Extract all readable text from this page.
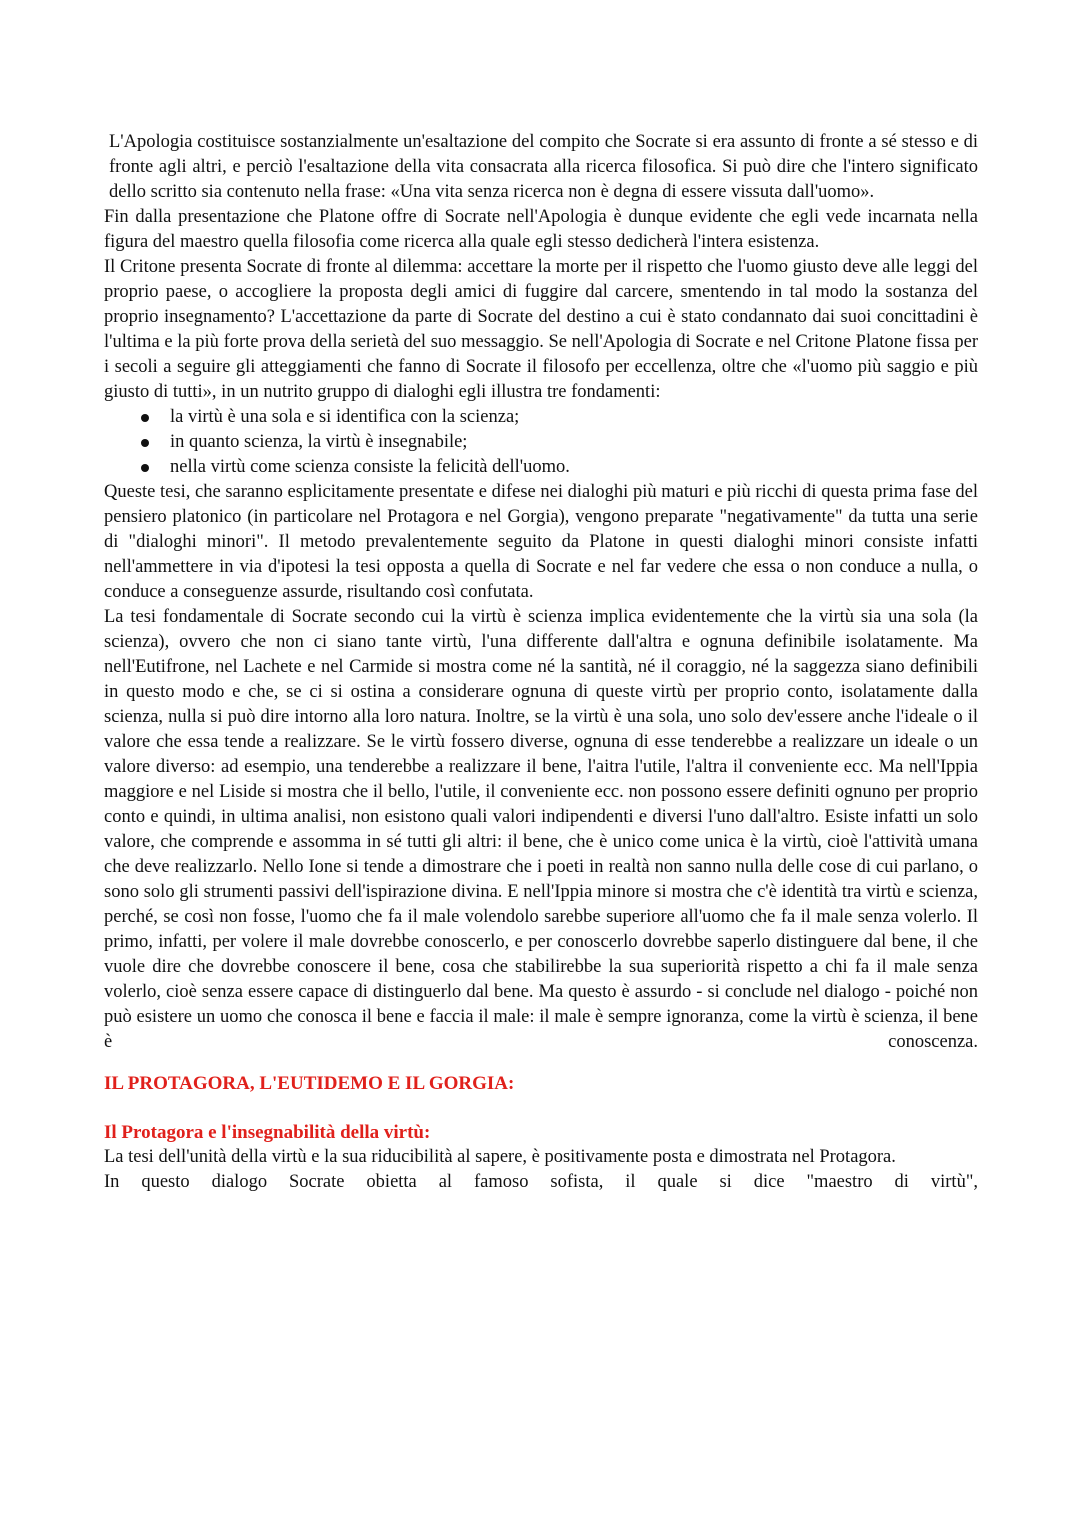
L'Apologia costituisce sostanzialmente un'esaltazione del compito che Socrate si era assunto di fronte a sé stesso e di fronte agli altri, e perciò l'esaltazione della vita consacrata alla ricerca filosofica. Si può dire che l'intero significato dello scritto sia contenuto nella frase: «Una vita senza ricerca non è degna di essere vissuta dall'uomo».

Fin dalla presentazione che Platone offre di Socrate nell'Apologia è dunque evidente che egli vede incarnata nella figura del maestro quella filosofia come ricerca alla quale egli stesso dedicherà l'intera esistenza.

Il Critone presenta Socrate di fronte al dilemma: accettare la morte per il rispetto che l'uomo giusto deve alle leggi del proprio paese, o accogliere la proposta degli amici di fuggire dal carcere, smentendo in tal modo la sostanza del proprio insegnamento? L'accettazione da parte di Socrate del destino a cui è stato condannato dai suoi concittadini è l'ultima e la più forte prova della serietà del suo messaggio. Se nell'Apologia di Socrate e nel Critone Platone fissa per i secoli a seguire gli atteggiamenti che fanno di Socrate il filosofo per eccellenza, oltre che «l'uomo più saggio e più giusto di tutti», in un nutrito gruppo di dialoghi egli illustra tre fondamenti:

la virtù è una sola e si identifica con la scienza;
in quanto scienza, la virtù è insegnabile;
nella virtù come scienza consiste la felicità dell'uomo.

Queste tesi, che saranno esplicitamente presentate e difese nei dialoghi più maturi e più ricchi di questa prima fase del pensiero platonico (in particolare nel Protagora e nel Gorgia), vengono preparate "negativamente" da tutta una serie di "dialoghi minori". Il metodo prevalentemente seguito da Platone in questi dialoghi minori consiste infatti nell'ammettere in via d'ipotesi la tesi opposta a quella di Socrate e nel far vedere che essa o non conduce a nulla, o conduce a conseguenze assurde, risultando così confutata.

La tesi fondamentale di Socrate secondo cui la virtù è scienza implica evidentemente che la virtù sia una sola (la scienza), ovvero che non ci siano tante virtù, l'una differente dall'altra e ognuna definibile isolatamente. Ma nell'Eutifrone, nel Lachete e nel Carmide si mostra come né la santità, né il coraggio, né la saggezza siano definibili in questo modo e che, se ci si ostina a considerare ognuna di queste virtù per proprio conto, isolatamente dalla scienza, nulla si può dire intorno alla loro natura. Inoltre, se la virtù è una sola, uno solo dev'essere anche l'ideale o il valore che essa tende a realizzare. Se le virtù fossero diverse, ognuna di esse tenderebbe a realizzare un ideale o un valore diverso: ad esempio, una tenderebbe a realizzare il bene, l'aitra l'utile, l'altra il conveniente ecc. Ma nell'Ippia maggiore e nel Liside si mostra che il bello, l'utile, il conveniente ecc. non possono essere definiti ognuno per proprio conto e quindi, in ultima analisi, non esistono quali valori indipendenti e diversi l'uno dall'altro. Esiste infatti un solo valore, che comprende e assomma in sé tutti gli altri: il bene, che è unico come unica è la virtù, cioè l'attività umana che deve realizzarlo. Nello Ione si tende a dimostrare che i poeti in realtà non sanno nulla delle cose di cui parlano, o sono solo gli strumenti passivi dell'ispirazione divina. E nell'Ippia minore si mostra che c'è identità tra virtù e scienza, perché, se così non fosse, l'uomo che fa il male volendolo sarebbe superiore all'uomo che fa il male senza volerlo. Il primo, infatti, per volere il male dovrebbe conoscerlo, e per conoscerlo dovrebbe saperlo distinguere dal bene, il che vuole dire che dovrebbe conoscere il bene, cosa che stabilirebbe la sua superiorità rispetto a chi fa il male senza volerlo, cioè senza essere capace di distinguerlo dal bene. Ma questo è assurdo - si conclude nel dialogo - poiché non può esistere un uomo che conosca il bene e faccia il male: il male è sempre ignoranza, come la virtù è scienza, il bene è conoscenza.

IL PROTAGORA, L'EUTIDEMO E IL GORGIA:
Il Protagora e l'insegnabilità della virtù:

La tesi dell'unità della virtù e la sua riducibilità al sapere, è positivamente posta e dimostrata nel Protagora.

In questo dialogo Socrate obietta al famoso sofista, il quale si dice "maestro di virtù",
